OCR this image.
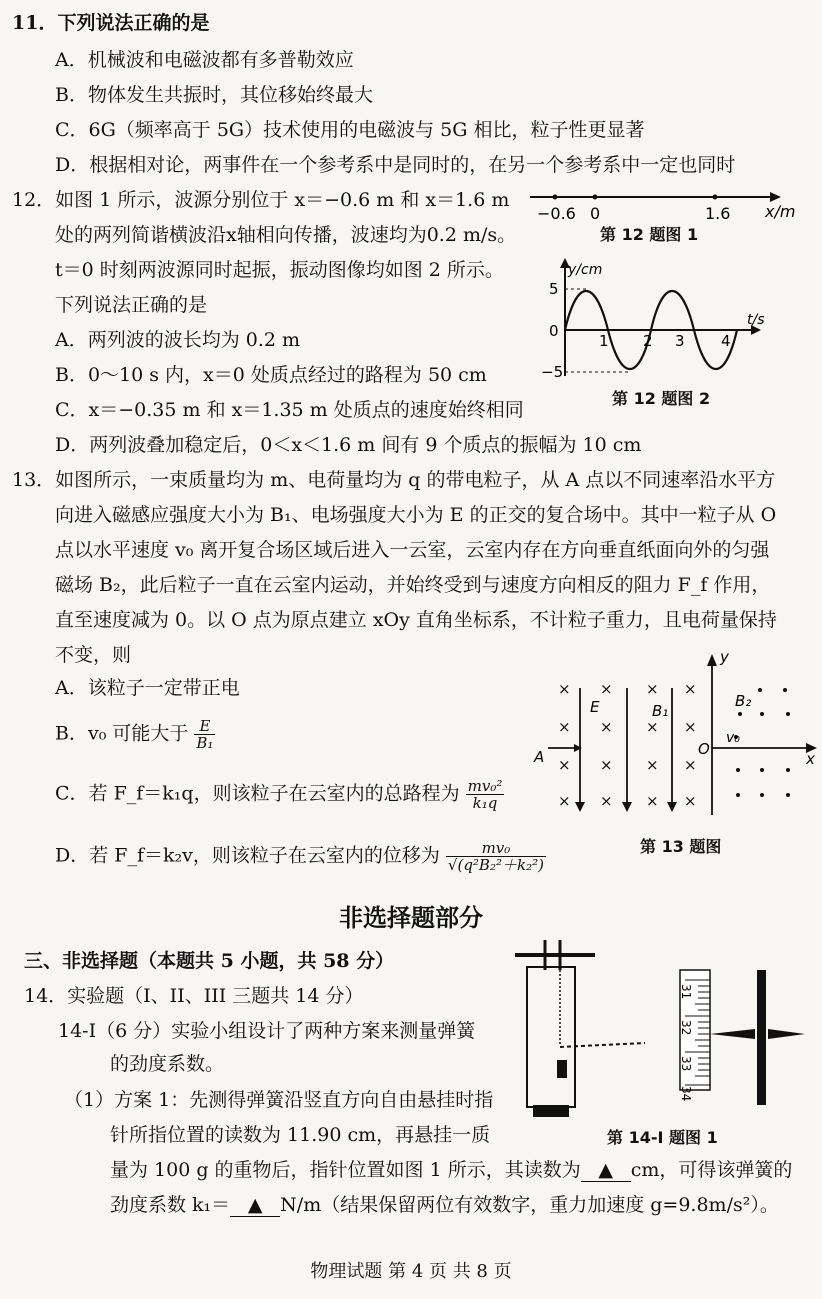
11．下列说法正确的是
A．机械波和电磁波都有多普勒效应
B．物体发生共振时，其位移始终最大
C．6G（频率高于 5G）技术使用的电磁波与 5G 相比，粒子性更显著
D．根据相对论，两事件在一个参考系中是同时的，在另一个参考系中一定也同时
12．如图 1 所示，波源分别位于 x＝−0.6 m 和 x＝1.6 m
处的两列简谐横波沿x轴相向传播，波速均为0.2 m/s。
t＝0 时刻两波源同时起振，振动图像均如图 2 所示。
下列说法正确的是
A．两列波的波长均为 0.2 m
B．0～10 s 内，x＝0 处质点经过的路程为 50 cm
C．x＝−0.35 m 和 x＝1.35 m 处质点的速度始终相同
D．两列波叠加稳定后，0＜x＜1.6 m 间有 9 个质点的振幅为 10 cm
−0.6 0	1.6 x/m
第 12 题图 1
y/cm
t/s
5
0
−5
1 2 3 4
第 12 题图 2
13．如图所示，一束质量均为 m、电荷量均为 q 的带电粒子，从 A 点以不同速率沿水平方
向进入磁感应强度大小为 B₁、电场强度大小为 E 的正交的复合场中。其中一粒子从 O
点以水平速度 v₀ 离开复合场区域后进入一云室，云室内存在方向垂直纸面向外的匀强
磁场 B₂，此后粒子一直在云室内运动，并始终受到与速度方向相反的阻力 F_f 作用，
直至速度减为 0。以 O 点为原点建立 xOy 直角坐标系，不计粒子重力，且电荷量保持
不变，则
A．该粒子一定带正电
B．v₀ 可能大于 $\frac{E}{\text{B₁}}$
C．若 F_f＝k₁q，则该粒子在云室内的总路程为 $\frac{\text{mv₀²}}{\text{k₁q}}$
D．若 F_f＝k₂v，则该粒子在云室内的位移为 $\frac{\text{mv₀}}{\text{√(q²B₂²＋k₂²)}}$
× × × ×
× × × ×
× × × ×
× × × ×
A
E	B₁
B₂
O
v₀
x
y
第 13 题图
非选择题部分
三、非选择题（本题共 5 小题，共 58 分）
14．实验题（I、II、III 三题共 14 分）
14-I（6 分）实验小组设计了两种方案来测量弹簧
的劲度系数。
（1）方案 1：先测得弹簧沿竖直方向自由悬挂时指
针所指位置的读数为 11.90 cm，再悬挂一质
量为 100 g 的重物后，指针位置如图 1 所示，其读数为 ▲ cm，可得该弹簧的
劲度系数 k₁＝ ▲ N/m（结果保留两位有效数字，重力加速度 g=9.8m/s²）。
31
32
33
34
第 14-I 题图 1
物理试题 第 4 页 共 8 页
